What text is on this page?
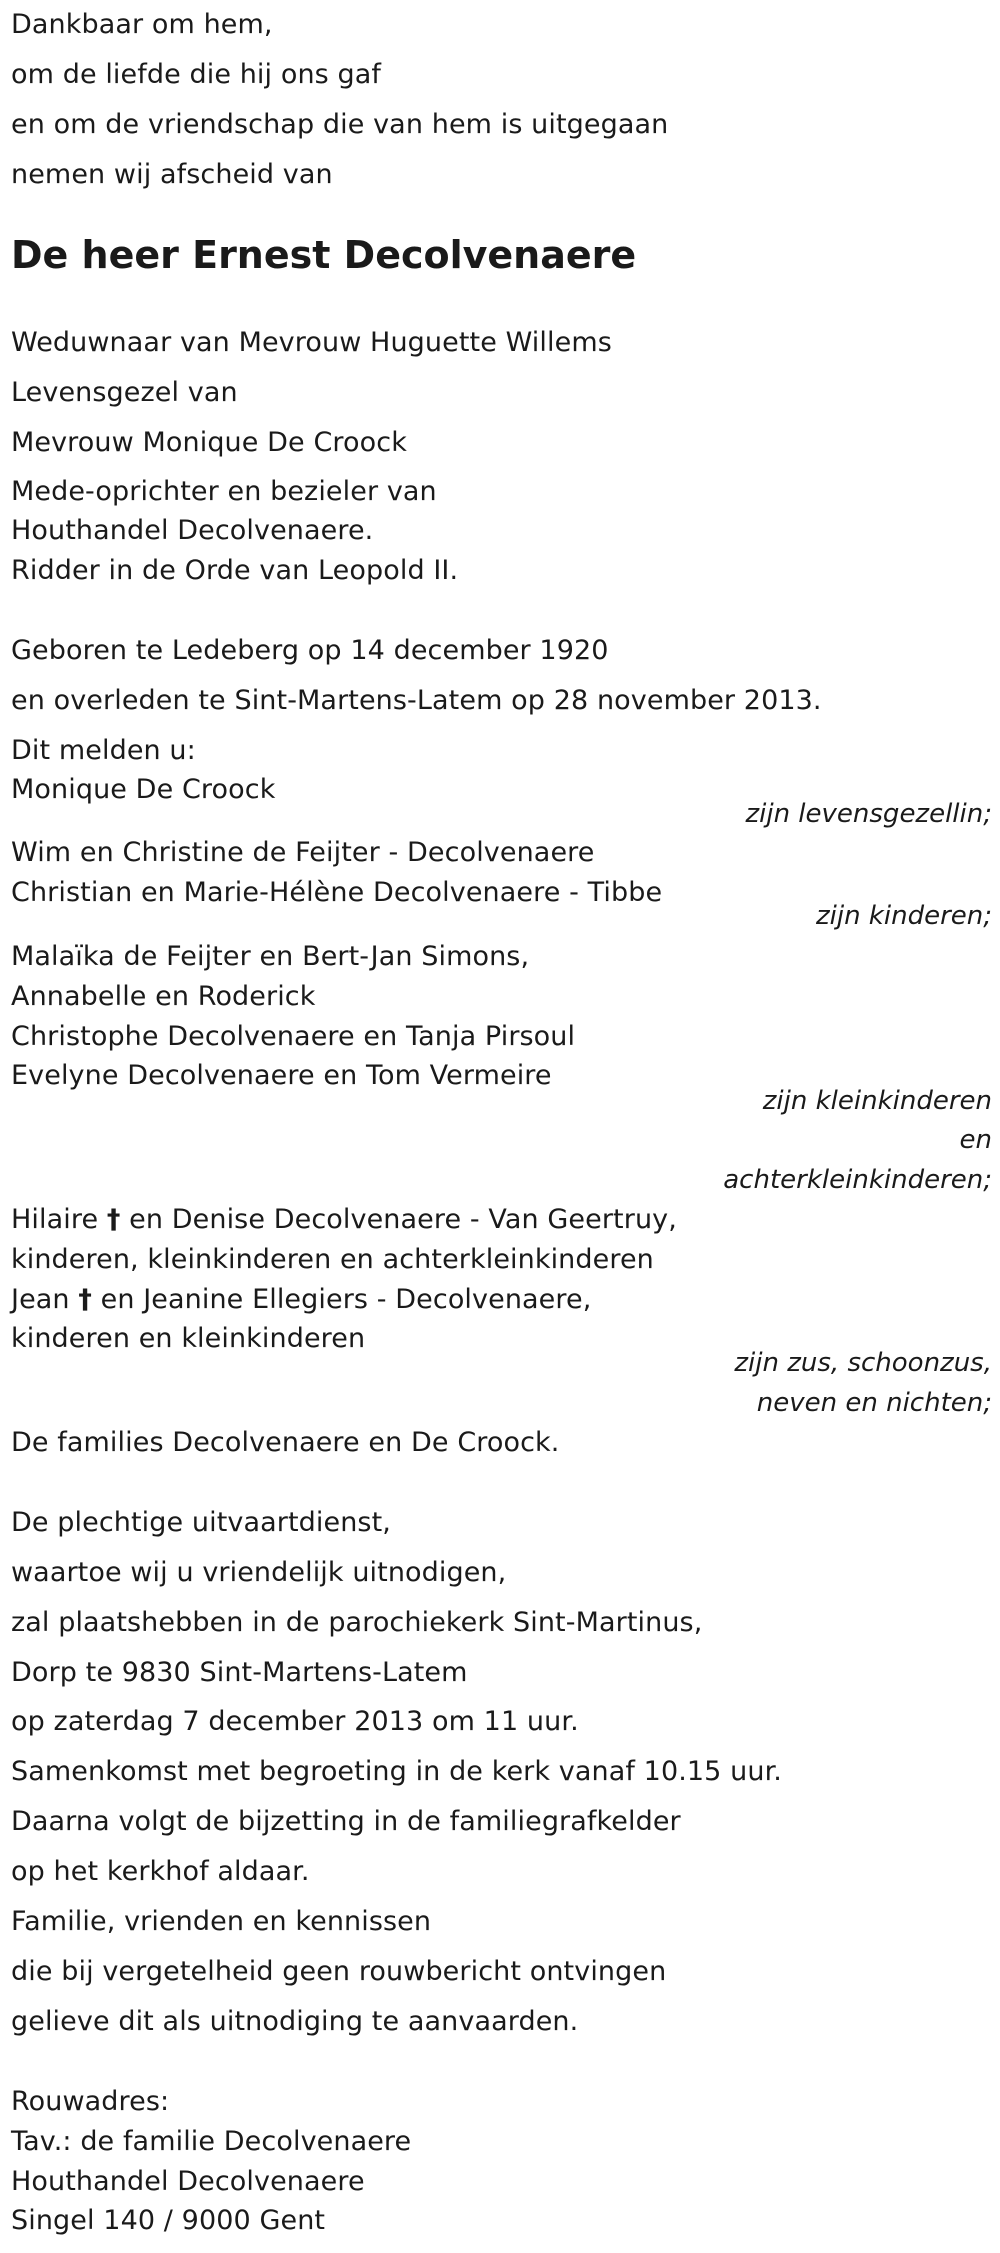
Dankbaar om hem,
om de liefde die hij ons gaf
en om de vriendschap die van hem is uitgegaan
nemen wij afscheid van
De heer Ernest Decolvenaere
Weduwnaar van Mevrouw Huguette Willems
Levensgezel van
Mevrouw Monique De Croock
Mede-oprichter en bezieler van
Houthandel Decolvenaere.
Ridder in de Orde van Leopold II.
Geboren te Ledeberg op 14 december 1920
en overleden te Sint-Martens-Latem op 28 november 2013.
Dit melden u:
Monique De Croock
zijn levensgezellin;
Wim en Christine de Feijter - Decolvenaere
Christian en Marie-Hélène Decolvenaere - Tibbe
zijn kinderen;
Malaïka de Feijter en Bert-Jan Simons,
Annabelle en Roderick
Christophe Decolvenaere en Tanja Pirsoul
Evelyne Decolvenaere en Tom Vermeire
zijn kleinkinderen
en
achterkleinkinderen;
Hilaire † en Denise Decolvenaere - Van Geertruy,
kinderen, kleinkinderen en achterkleinkinderen
Jean † en Jeanine Ellegiers - Decolvenaere,
kinderen en kleinkinderen
zijn zus, schoonzus,
neven en nichten;
De families Decolvenaere en De Croock.
De plechtige uitvaartdienst,
waartoe wij u vriendelijk uitnodigen,
zal plaatshebben in de parochiekerk Sint-Martinus,
Dorp te 9830 Sint-Martens-Latem
op zaterdag 7 december 2013 om 11 uur.
Samenkomst met begroeting in de kerk vanaf 10.15 uur.
Daarna volgt de bijzetting in de familiegrafkelder
op het kerkhof aldaar.
Familie, vrienden en kennissen
die bij vergetelheid geen rouwbericht ontvingen
gelieve dit als uitnodiging te aanvaarden.
Rouwadres:
Tav.: de familie Decolvenaere
Houthandel Decolvenaere
Singel 140 / 9000 Gent
